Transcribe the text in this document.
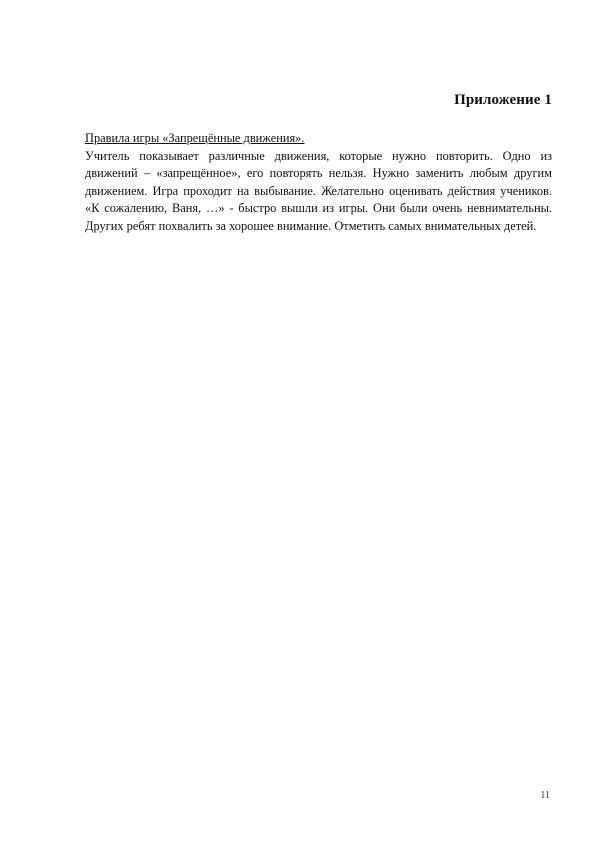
Приложение 1
Правила игры «Запрещённые движения».
Учитель показывает различные движения, которые нужно повторить. Одно из движений – «запрещённое», его повторять нельзя. Нужно заменить любым другим движением. Игра проходит на выбывание. Желательно оценивать действия учеников. «К сожалению, Ваня, …» - быстро вышли из игры. Они были очень невнимательны. Других ребят похвалить за хорошее внимание. Отметить самых внимательных детей.
11
